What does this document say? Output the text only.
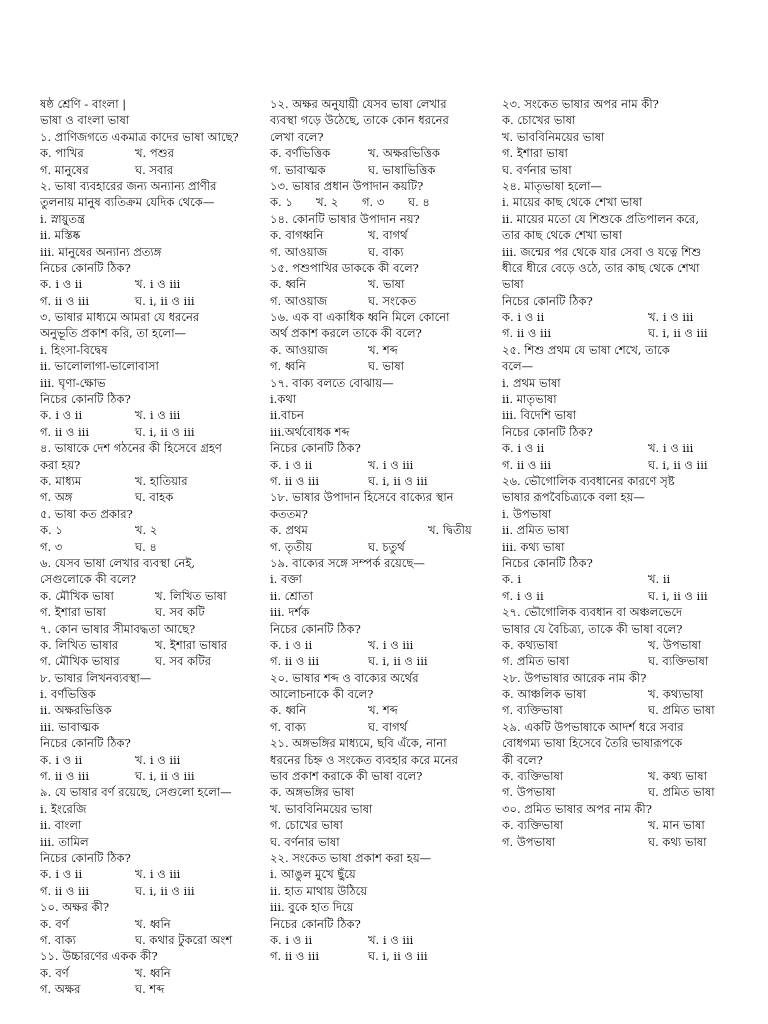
ষষ্ঠ শ্রেণি - বাংলা |
ভাষা ও বাংলা ভাষা
১. প্রাণিজগতে একমাত্র কাদের ভাষা আছে?
ক. পাখির	খ. পশুর
গ. মানুষের	ঘ. সবার
২. ভাষা ব্যবহারের জন্য অন্যান্য প্রাণীর
তুলনায় মানুষ ব্যতিক্রম যেদিক থেকে—
i. স্নায়ুতন্ত্র
ii. মস্তিষ্ক
iii. মানুষের অন্যান্য প্রত্যঙ্গ
নিচের কোনটি ঠিক?
ক. i ও ii	খ. i ও iii
গ. ii ও iii	ঘ. i, ii ও iii
৩. ভাষার মাধ্যমে আমরা যে ধরনের
অনুভূতি প্রকাশ করি, তা হলো—
i. হিংসা-বিদ্বেষ
ii. ভালোলাগা-ভালোবাসা
iii. ঘৃণা-ক্ষোভ
নিচের কোনটি ঠিক?
ক. i ও ii	খ. i ও iii
গ. ii ও iii	ঘ. i, ii ও iii
৪. ভাষাকে দেশ গঠনের কী হিসেবে গ্রহণ
করা হয়?
ক. মাধ্যম	খ. হাতিয়ার
গ. অঙ্গ	ঘ. বাহক
৫. ভাষা কত প্রকার?
ক. ১	খ. ২
গ. ৩	ঘ. ৪
৬. যেসব ভাষা লেখার ব্যবস্থা নেই,
সেগুলোকে কী বলে?
ক. মৌখিক ভাষা	খ. লিখিত ভাষা
গ. ইশারা ভাষা	ঘ. সব কটি
৭. কোন ভাষার সীমাবদ্ধতা আছে?
ক. লিখিত ভাষার	খ. ইশারা ভাষার
গ. মৌখিক ভাষার	ঘ. সব কটির
৮. ভাষার লিখনব্যবস্থা—
i. বর্ণভিত্তিক
ii. অক্ষরভিত্তিক
iii. ভাবাত্মক
নিচের কোনটি ঠিক?
ক. i ও ii	খ. i ও iii
গ. ii ও iii	ঘ. i, ii ও iii
৯. যে ভাষার বর্ণ রয়েছে, সেগুলো হলো—
i. ইংরেজি
ii. বাংলা
iii. তামিল
নিচের কোনটি ঠিক?
ক. i ও ii	খ. i ও iii
গ. ii ও iii	ঘ. i, ii ও iii
১০. অক্ষর কী?
ক. বর্ণ	খ. ধ্বনি
গ. বাক্য	ঘ. কথার টুকরো অংশ
১১. উচ্চারণের একক কী?
ক. বর্ণ	খ. ধ্বনি
গ. অক্ষর	ঘ. শব্দ
১২. অক্ষর অনুযায়ী যেসব ভাষা লেখার
ব্যবস্থা গড়ে উঠেছে, তাকে কোন ধরনের
লেখা বলে?
ক. বর্ণভিত্তিক	খ. অক্ষরভিত্তিক
গ. ভাবাত্মক	ঘ. ভাষাভিত্তিক
১৩. ভাষার প্রধান উপাদান কয়টি?
ক. ১	খ. ২	গ. ৩	ঘ. ৪
১৪. কোনটি ভাষার উপাদান নয়?
ক. বাগধ্বনি	খ. বাগর্থ
গ. আওয়াজ	ঘ. বাক্য
১৫. পশুপাখির ডাককে কী বলে?
ক. ধ্বনি	খ. ভাষা
গ. আওয়াজ	ঘ. সংকেত
১৬. এক বা একাধিক ধ্বনি মিলে কোনো
অর্থ প্রকাশ করলে তাকে কী বলে?
ক. আওয়াজ	খ. শব্দ
গ. ধ্বনি	ঘ. ভাষা
১৭. বাক্য বলতে বোঝায়—
i.কথা
ii.বাচন
iii.অর্থবোধক শব্দ
নিচের কোনটি ঠিক?
ক. i ও ii	খ. i ও iii
গ. ii ও iii	ঘ. i, ii ও iii
১৮. ভাষার উপাদান হিসেবে বাক্যের স্থান
কততম?
ক. প্রথম	খ. দ্বিতীয়
গ. তৃতীয়	ঘ. চতুর্থ
১৯. বাক্যের সঙ্গে সম্পর্ক রয়েছে—
i. বক্তা
ii. শ্রোতা
iii. দর্শক
নিচের কোনটি ঠিক?
ক. i ও ii	খ. i ও iii
গ. ii ও iii	ঘ. i, ii ও iii
২০. ভাষার শব্দ ও বাক্যের অর্থের
আলোচনাকে কী বলে?
ক. ধ্বনি	খ. শব্দ
গ. বাক্য	ঘ. বাগর্থ
২১. অঙ্গভঙ্গির মাধ্যমে, ছবি এঁকে, নানা
ধরনের চিহ্ন ও সংকেত ব্যবহার করে মনের
ভাব প্রকাশ করাকে কী ভাষা বলে?
ক. অঙ্গভঙ্গির ভাষা
খ. ভাববিনিময়ের ভাষা
গ. চোখের ভাষা
ঘ. বর্ণনার ভাষা
২২. সংকেত ভাষা প্রকাশ করা হয়—
i. আঙুল মুখে ছুঁয়ে
ii. হাত মাথায় উঠিয়ে
iii. বুকে হাত দিয়ে
নিচের কোনটি ঠিক?
ক. i ও ii	খ. i ও iii
গ. ii ও iii	ঘ. i, ii ও iii
২৩. সংকেত ভাষার অপর নাম কী?
ক. চোখের ভাষা
খ. ভাববিনিময়ের ভাষা
গ. ইশারা ভাষা
ঘ. বর্ণনার ভাষা
২৪. মাতৃভাষা হলো—
i. মায়ের কাছ থেকে শেখা ভাষা
ii. মায়ের মতো যে শিশুকে প্রতিপালন করে,
তার কাছ থেকে শেখা ভাষা
iii. জন্মের পর থেকে যার সেবা ও যত্নে শিশু
ধীরে ধীরে বেড়ে ওঠে, তার কাছ থেকে শেখা
ভাষা
নিচের কোনটি ঠিক?
ক. i ও ii	খ. i ও iii
গ. ii ও iii	ঘ. i, ii ও iii
২৫. শিশু প্রথম যে ভাষা শেখে, তাকে
বলে—
i. প্রথম ভাষা
ii. মাতৃভাষা
iii. বিদেশি ভাষা
নিচের কোনটি ঠিক?
ক. i ও ii	খ. i ও iii
গ. ii ও iii	ঘ. i, ii ও iii
২৬. ভৌগোলিক ব্যবধানের কারণে সৃষ্ট
ভাষার রূপবৈচিত্র্যকে বলা হয়—
i. উপভাষা
ii. প্রমিত ভাষা
iii. কথ্য ভাষা
নিচের কোনটি ঠিক?
ক. i	খ. ii
গ. i ও ii	ঘ. i, ii ও iii
২৭. ভৌগোলিক ব্যবধান বা অঞ্চলভেদে
ভাষার যে বৈচিত্র্য, তাকে কী ভাষা বলে?
ক. কথ্যভাষা	খ. উপভাষা
গ. প্রমিত ভাষা	ঘ. ব্যক্তিভাষা
২৮. উপভাষার আরেক নাম কী?
ক. আঞ্চলিক ভাষা	খ. কথ্যভাষা
গ. ব্যক্তিভাষা	ঘ. প্রমিত ভাষা
২৯. একটি উপভাষাকে আদর্শ ধরে সবার
বোধগম্য ভাষা হিসেবে তৈরি ভাষারূপকে
কী বলে?
ক. ব্যক্তিভাষা	খ. কথ্য ভাষা
গ. উপভাষা	ঘ. প্রমিত ভাষা
৩০. প্রমিত ভাষার অপর নাম কী?
ক. ব্যক্তিভাষা	খ. মান ভাষা
গ. উপভাষা	ঘ. কথ্য ভাষা
